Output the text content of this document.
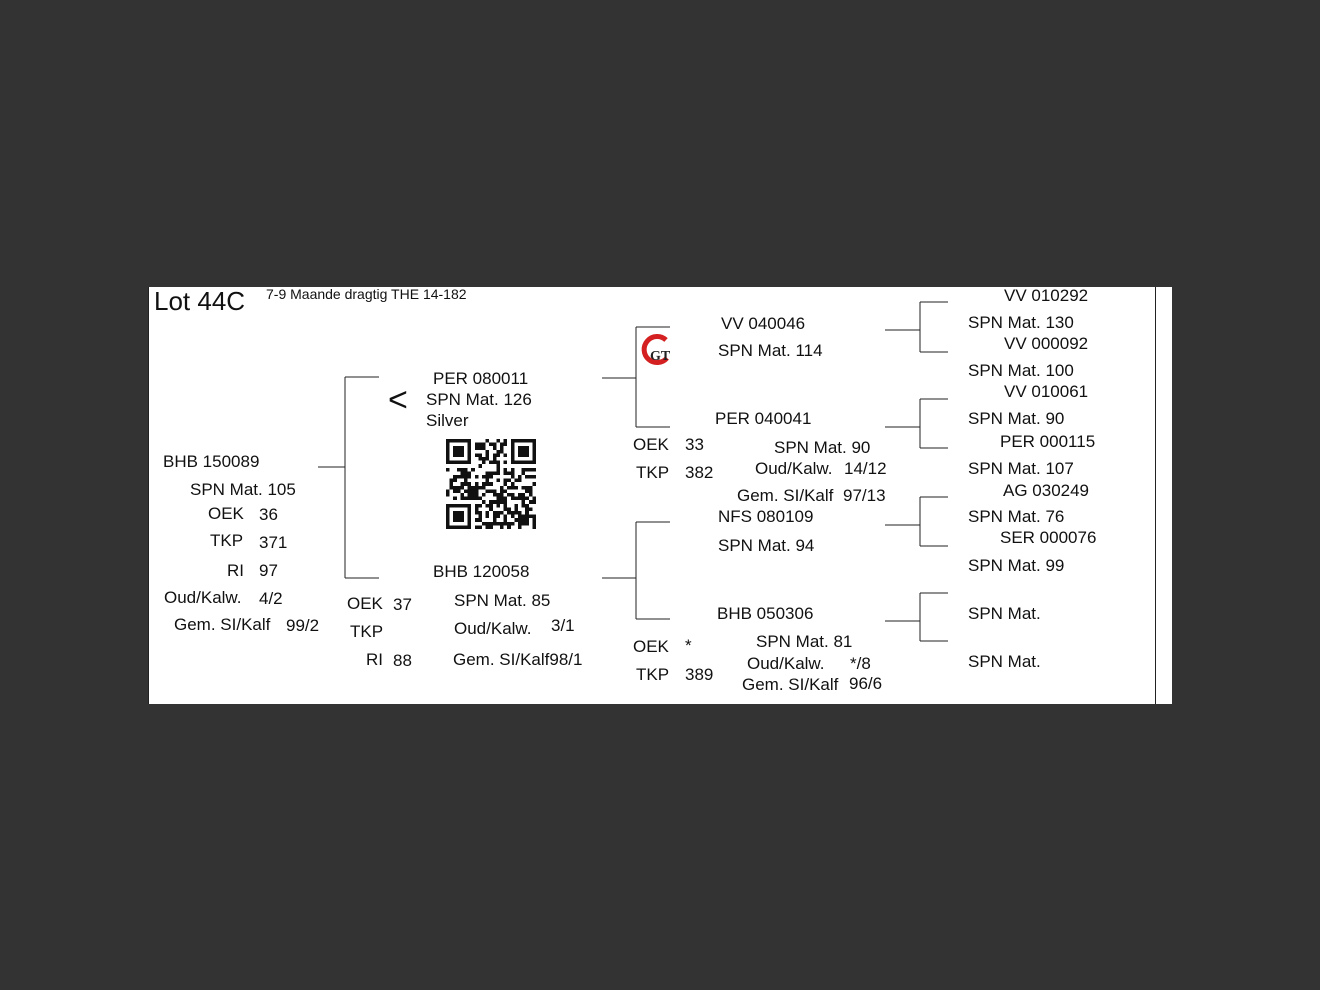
Lot 44C 7-9 Maande dragtig THE 14-182
BHB 150089
SPN Mat. 105
OEK 36
TKP 371
RI 97
Oud/Kalw. 4/2
Gem. SI/Kalf 99/2
<
PER 080011
SPN Mat. 126
Silver
BHB 120058
SPN Mat. 85
Oud/Kalw. 3/1
Gem. SI/Kalf98/1
OEK 37
TKP
RI 88
GT
VV 040046
SPN Mat. 114
PER 040041
OEK 33	SPN Mat. 90
TKP 382 Oud/Kalw. 14/12
Gem. SI/Kalf 97/13
NFS 080109
SPN Mat. 94
BHB 050306
SPN Mat. 81
OEK *
TKP 389
Oud/Kalw. */8
Gem. SI/Kalf 96/6
VV 010292
SPN Mat. 130
VV 000092
SPN Mat. 100
VV 010061
SPN Mat. 90
PER 000115
SPN Mat. 107
AG 030249
SPN Mat. 76
SER 000076
SPN Mat. 99
SPN Mat.
SPN Mat.
